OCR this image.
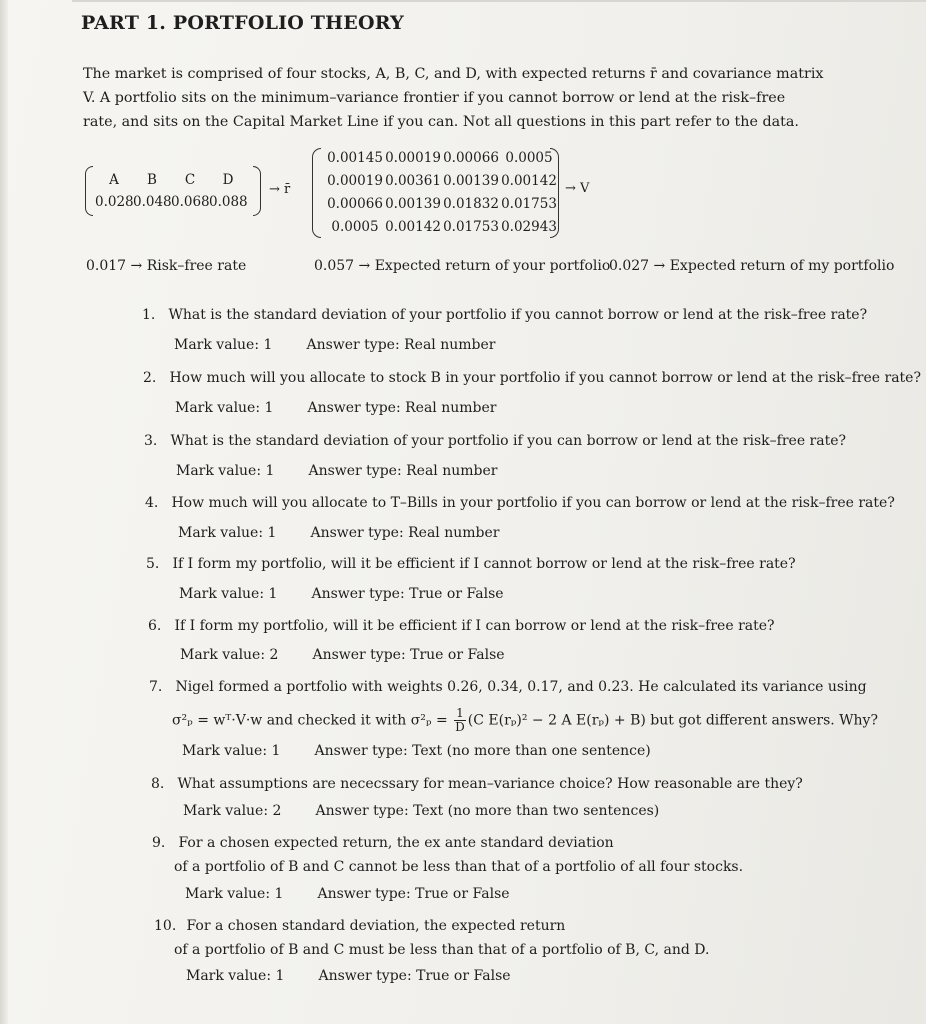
PART 1. PORTFOLIO THEORY
The market is comprised of four stocks, A, B, C, and D, with expected returns r̄ and covariance matrix
V. A portfolio sits on the minimum–variance frontier if you cannot borrow or lend at the risk–free
rate, and sits on the Capital Market Line if you can. Not all questions in this part refer to the data.
A	B	C	D
0.028 0.048 0.068 0.088
→ r̄
0.00145 0.00019 0.00066 0.0005
0.00019 0.00361 0.00139 0.00142
0.00066 0.00139 0.01832 0.01753
0.0005 0.00142 0.01753 0.02943
→ V
0.017 → Risk–free rate	0.057 → Expected return of your portfolio
0.027 → Expected return of my portfolio
1. What is the standard deviation of your portfolio if you cannot borrow or lend at the risk–free rate?
Mark value: 1 Answer type: Real number
2. How much will you allocate to stock B in your portfolio if you cannot borrow or lend at the risk–free rate?
Mark value: 1 Answer type: Real number
3. What is the standard deviation of your portfolio if you can borrow or lend at the risk–free rate?
Mark value: 1 Answer type: Real number
4. How much will you allocate to T–Bills in your portfolio if you can borrow or lend at the risk–free rate?
Mark value: 1 Answer type: Real number
5. If I form my portfolio, will it be efficient if I cannot borrow or lend at the risk–free rate?
Mark value: 1 Answer type: True or False
6. If I form my portfolio, will it be efficient if I can borrow or lend at the risk–free rate?
Mark value: 2 Answer type: True or False
7. Nigel formed a portfolio with weights 0.26, 0.34, 0.17, and 0.23. He calculated its variance using
σ²ₚ = wᵀ·V·w and checked it with $\sigma^2_p = \frac{1}{D} (C$ E(rₚ)² − 2 A E(rₚ) + B) but got different answers. Why?
Mark value: 1 Answer type: Text (no more than one sentence)
8. What assumptions are nececssary for mean–variance choice? How reasonable are they?
Mark value: 2 Answer type: Text (no more than two sentences)
9. For a chosen expected return, the ex ante standard deviation
of a portfolio of B and C cannot be less than that of a portfolio of all four stocks.
Mark value: 1 Answer type: True or False
10. For a chosen standard deviation, the expected return
of a portfolio of B and C must be less than that of a portfolio of B, C, and D.
Mark value: 1 Answer type: True or False
